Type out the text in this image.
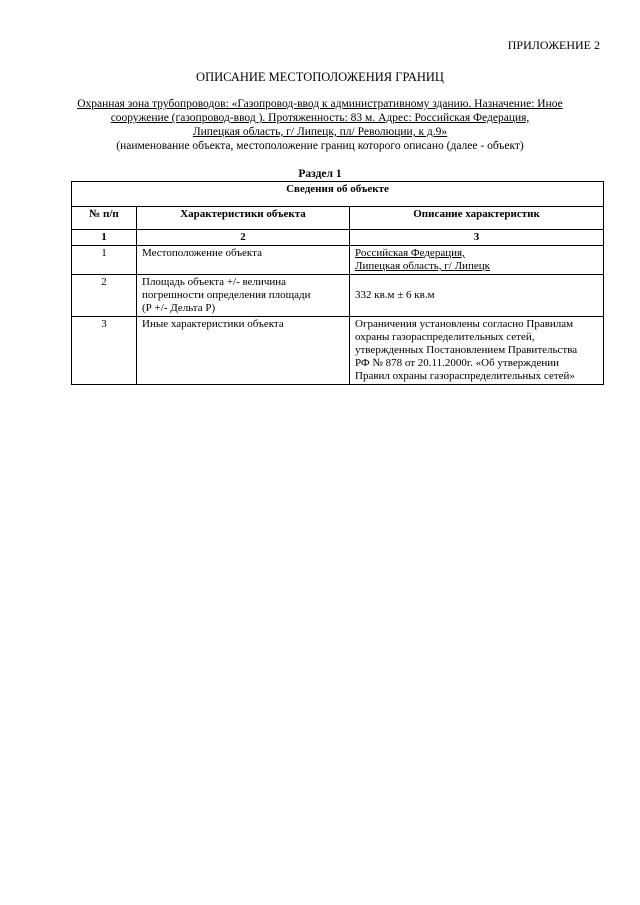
ПРИЛОЖЕНИЕ 2
ОПИСАНИЕ МЕСТОПОЛОЖЕНИЯ ГРАНИЦ
Охранная зона трубопроводов: «Газопровод-ввод к административному зданию. Назначение: Иное
сооружение (газопровод-ввод ). Протяженность: 83 м. Адрес: Российская Федерация,
Липецкая область, г/ Липецк, пл/ Революции, к д.9»
(наименование объекта, местоположение границ которого описано (далее - объект)
Раздел 1
Сведения об объекте		
№ п/п	Характеристики объекта	Описание характеристик
1	2	3
1	Местоположение объекта	Российская Федерация,
Липецкая область, г/ Липецк

2	Площадь объекта +/- величина
погрешности определения площади
(Р +/- Дельта Р)	332 кв.м ± 6 кв.м
3	Иные характеристики объекта	Ограничения установлены согласно Правилам
охраны газораспределительных сетей,
утвержденных Постановлением Правительства
РФ № 878 от 20.11.2000г. «Об утверждении
Правил охраны газораспределительных сетей»
